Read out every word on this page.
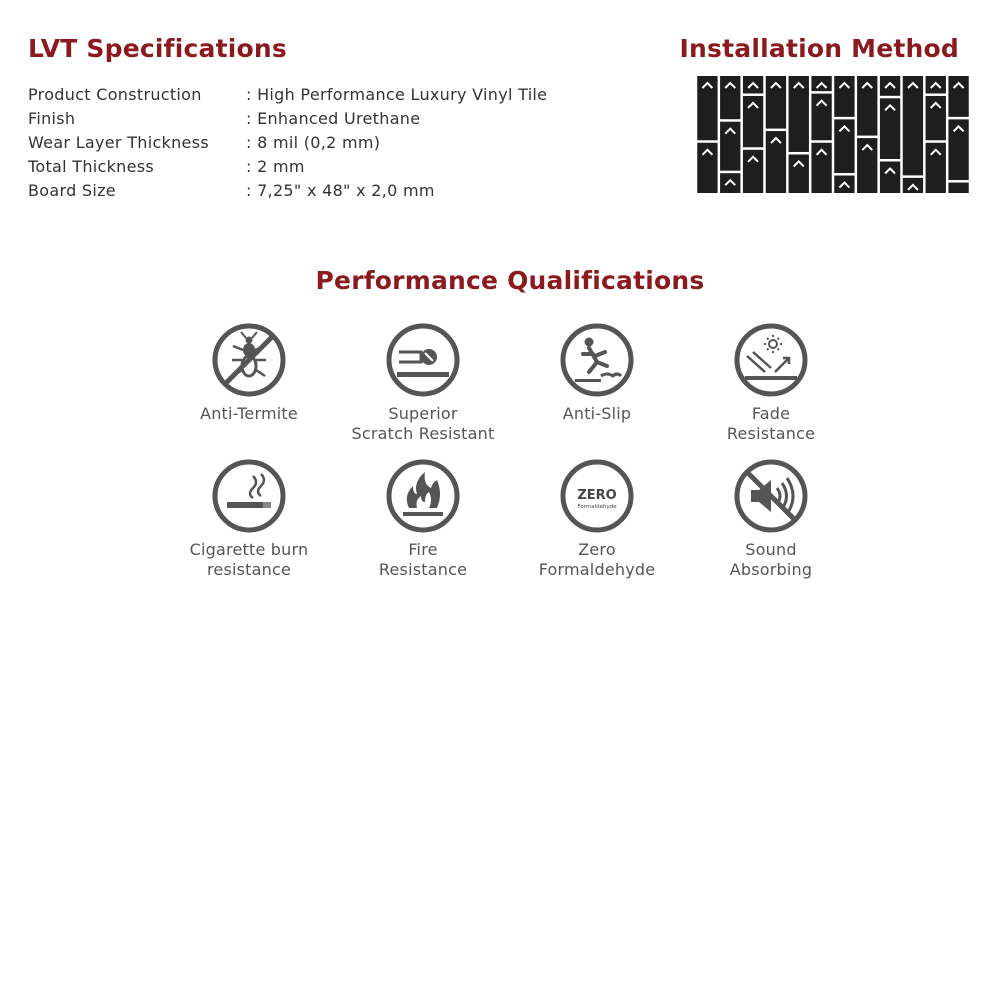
LVT Specifications
Product Construction	: High Performance Luxury Vinyl Tile
Finish	: Enhanced Urethane
Wear Layer Thickness	: 8 mil (0,2 mm)
Total Thickness	: 2 mm
Board Size	: 7,25" x 48" x 2,0 mm
Installation Method
Performance Qualifications
Anti-Termite	Superior
Scratch Resistant
Anti-Slip	Fade
Resistance
Cigarette burn
resistance
Fire
Resistance
ZERO
Formaldehyde
Zero
Formaldehyde
Sound
Absorbing
